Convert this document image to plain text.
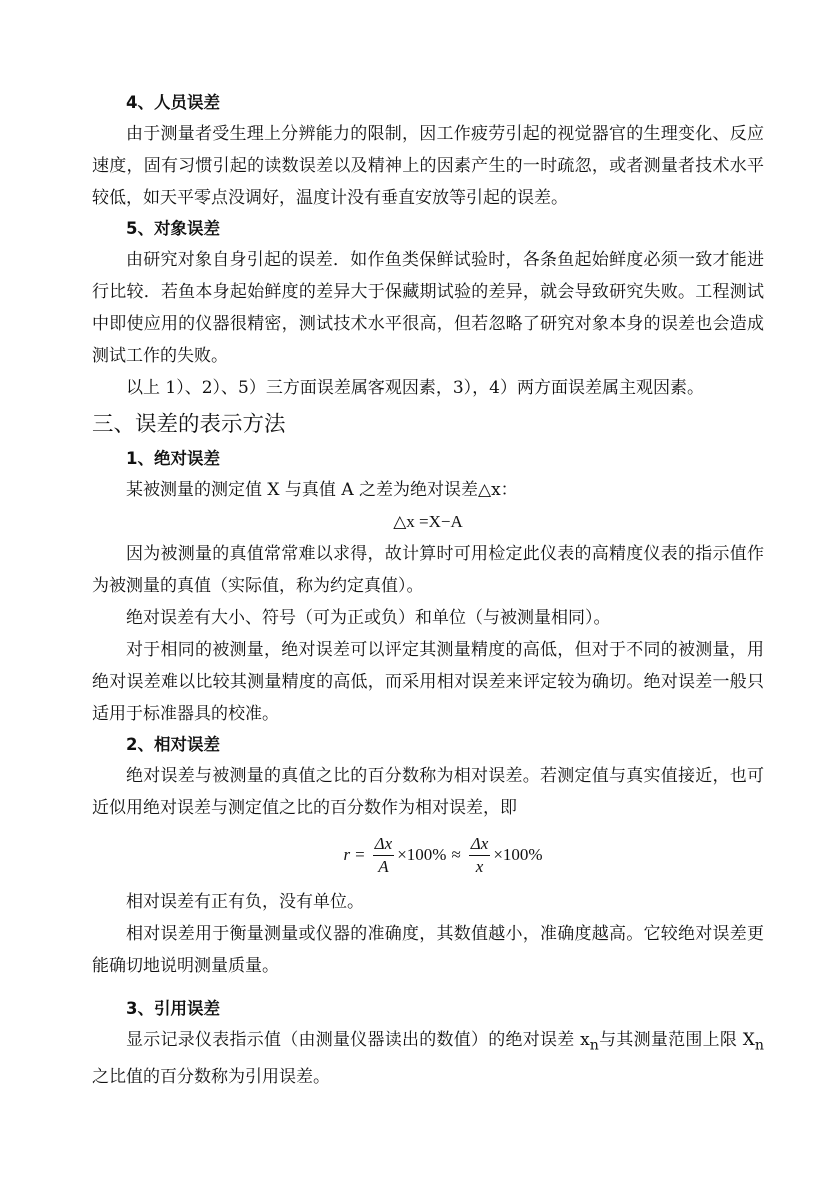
4、人员误差

由于测量者受生理上分辨能力的限制，因工作疲劳引起的视觉器官的生理变化、反应速度，固有习惯引起的读数误差以及精神上的因素产生的一时疏忽，或者测量者技术水平较低，如天平零点没调好，温度计没有垂直安放等引起的误差。

5、对象误差

由研究对象自身引起的误差．如作鱼类保鲜试验时，各条鱼起始鲜度必须一致才能进行比较．若鱼本身起始鲜度的差异大于保藏期试验的差异，就会导致研究失败。工程测试中即使应用的仪器很精密，测试技术水平很高，但若忽略了研究对象本身的误差也会造成测试工作的失败。

以上 1）、2）、5）三方面误差属客观因素，3），4）两方面误差属主观因素。

三、误差的表示方法
1、绝对误差

某被测量的测定值 X 与真值 A 之差为绝对误差△x：

△x =X−A

因为被测量的真值常常难以求得，故计算时可用检定此仪表的高精度仪表的指示值作为被测量的真值（实际值，称为约定真值）。

绝对误差有大小、符号（可为正或负）和单位（与被测量相同）。

对于相同的被测量，绝对误差可以评定其测量精度的高低，但对于不同的被测量，用绝对误差难以比较其测量精度的高低，而采用相对误差来评定较为确切。绝对误差一般只适用于标准器具的校准。

2、相对误差

绝对误差与被测量的真值之比的百分数称为相对误差。若测定值与真实值接近，也可近似用绝对误差与测定值之比的百分数作为相对误差，即

$r = \frac{\Delta x}{A} \times 100\% \approx \frac{\Delta x}{x} \times 100\%$

相对误差有正有负，没有单位。

相对误差用于衡量测量或仪器的准确度，其数值越小，准确度越高。它较绝对误差更能确切地说明测量质量。

3、引用误差

显示记录仪表指示值（由测量仪器读出的数值）的绝对误差 $x_n$与其测量范围上限 $X_n$之比值的百分数称为引用误差。
